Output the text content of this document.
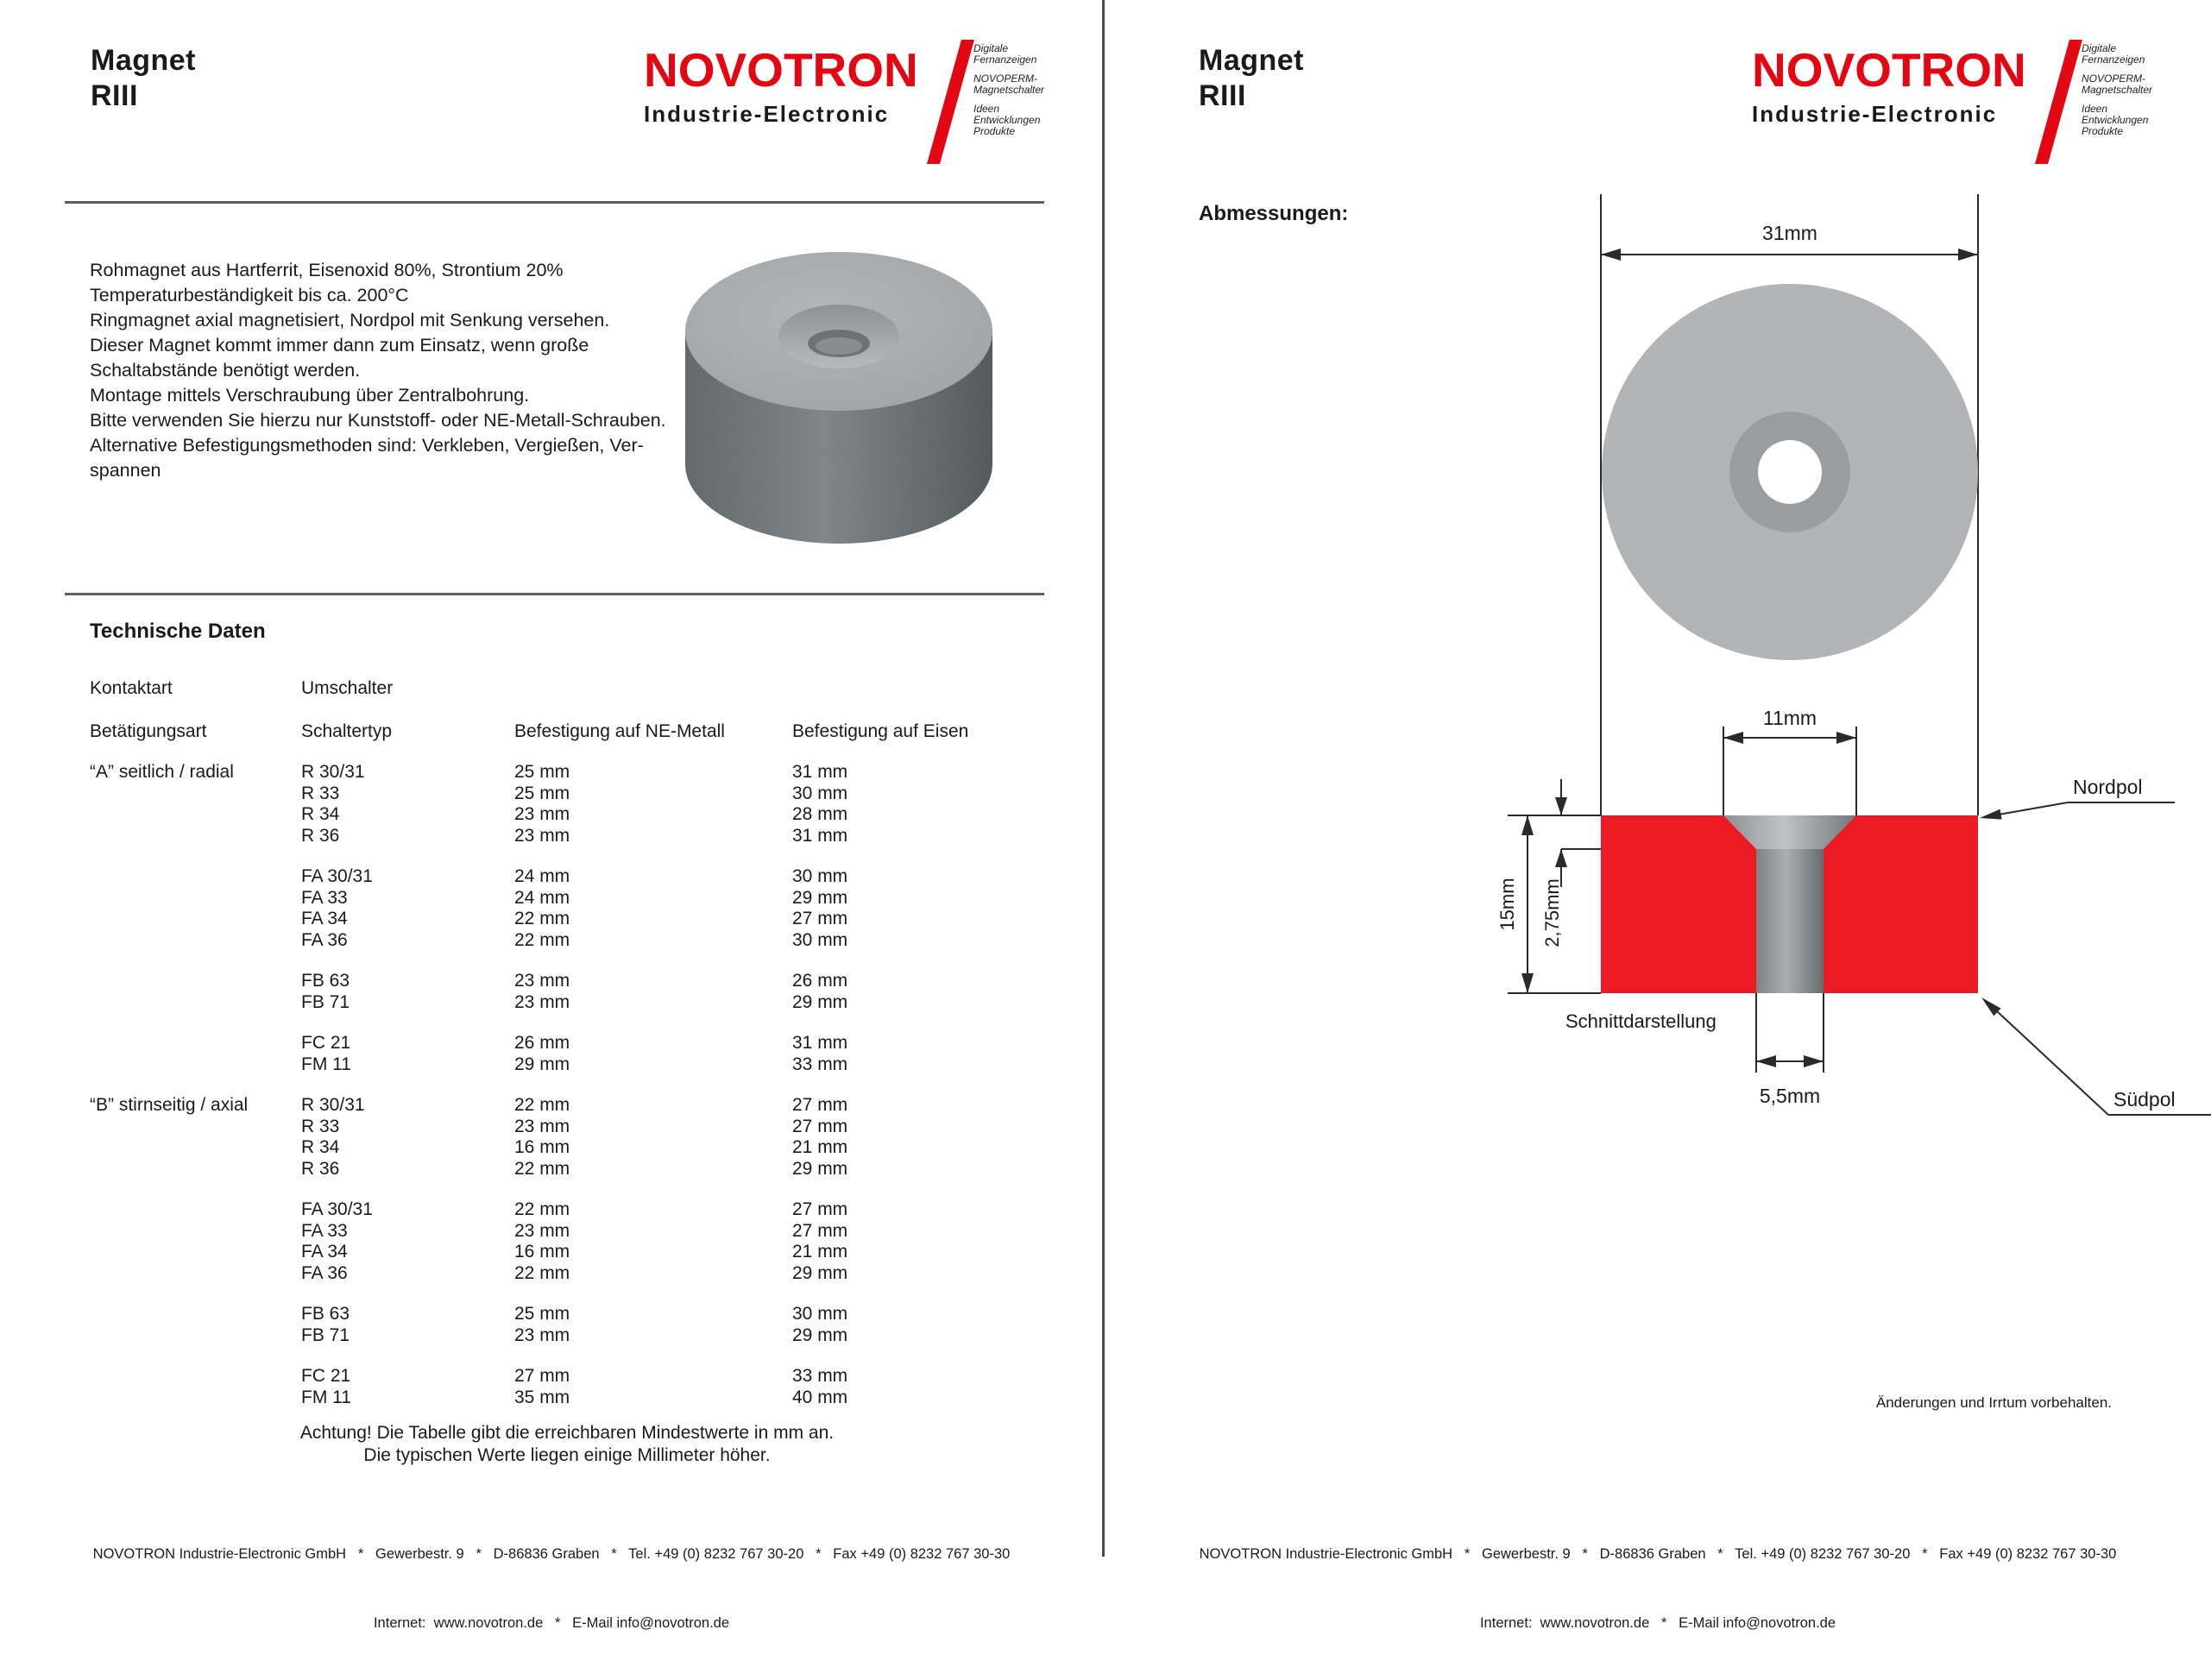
Magnet
RIII	NOVOTRON
Industrie-Electronic
Digitale
Fernanzeigen
NOVOPERM-
Magnetschalter
Ideen
Entwicklungen
Produkte
Rohmagnet aus Hartferrit, Eisenoxid 80%, Strontium 20%
Temperaturbeständigkeit bis ca. 200°C
Ringmagnet axial magnetisiert, Nordpol mit Senkung versehen.
Dieser Magnet kommt immer dann zum Einsatz, wenn große
Schaltabstände benötigt werden.
Montage mittels Verschraubung über Zentralbohrung.
Bitte verwenden Sie hierzu nur Kunststoff- oder NE-Metall-Schrauben.
Alternative Befestigungsmethoden sind: Verkleben, Vergießen, Ver-
spannen
Technische Daten
Kontaktart	Umschalter
Betätigungsart	Schaltertyp	Befestigung auf NE-Metall	Befestigung auf Eisen
“A” seitlich / radial	R 30/31	25 mm	31 mm
R 33	25 mm	30 mm
R 34	23 mm	28 mm
R 36	23 mm	31 mm
FA 30/31	24 mm	30 mm
FA 33	24 mm	29 mm
FA 34	22 mm	27 mm
FA 36	22 mm	30 mm
FB 63	23 mm	26 mm
FB 71	23 mm	29 mm
FC 21	26 mm	31 mm
FM 11	29 mm	33 mm
“B” stirnseitig / axial	R 30/31	22 mm	27 mm
R 33	23 mm	27 mm
R 34	16 mm	21 mm
R 36	22 mm	29 mm
FA 30/31	22 mm	27 mm
FA 33	23 mm	27 mm
FA 34	16 mm	21 mm
FA 36	22 mm	29 mm
FB 63	25 mm	30 mm
FB 71	23 mm	29 mm
FC 21	27 mm	33 mm
FM 11	35 mm	40 mm
Achtung! Die Tabelle gibt die erreichbaren Mindestwerte in mm an.
Die typischen Werte liegen einige Millimeter höher.

NOVOTRON Industrie-Electronic GmbH   *   Gewerbestr. 9   *   D-86836 Graben   *   Tel. +49 (0) 8232 767 30-20   *   Fax +49 (0) 8232 767 30-30

Internet:  www.novotron.de   *   E-Mail info@novotron.de

Magnet
RIII	NOVOTRON
Industrie-Electronic
Digitale
Fernanzeigen
NOVOPERM-
Magnetschalter
Ideen
Entwicklungen
Produkte
Abmessungen:
31mm
11mm
15mm 2,75mm
5,5mm
Schnittdarstellung
Nordpol
Südpol
Änderungen und Irrtum vorbehalten.

NOVOTRON Industrie-Electronic GmbH   *   Gewerbestr. 9   *   D-86836 Graben   *   Tel. +49 (0) 8232 767 30-20   *   Fax +49 (0) 8232 767 30-30

Internet:  www.novotron.de   *   E-Mail info@novotron.de
